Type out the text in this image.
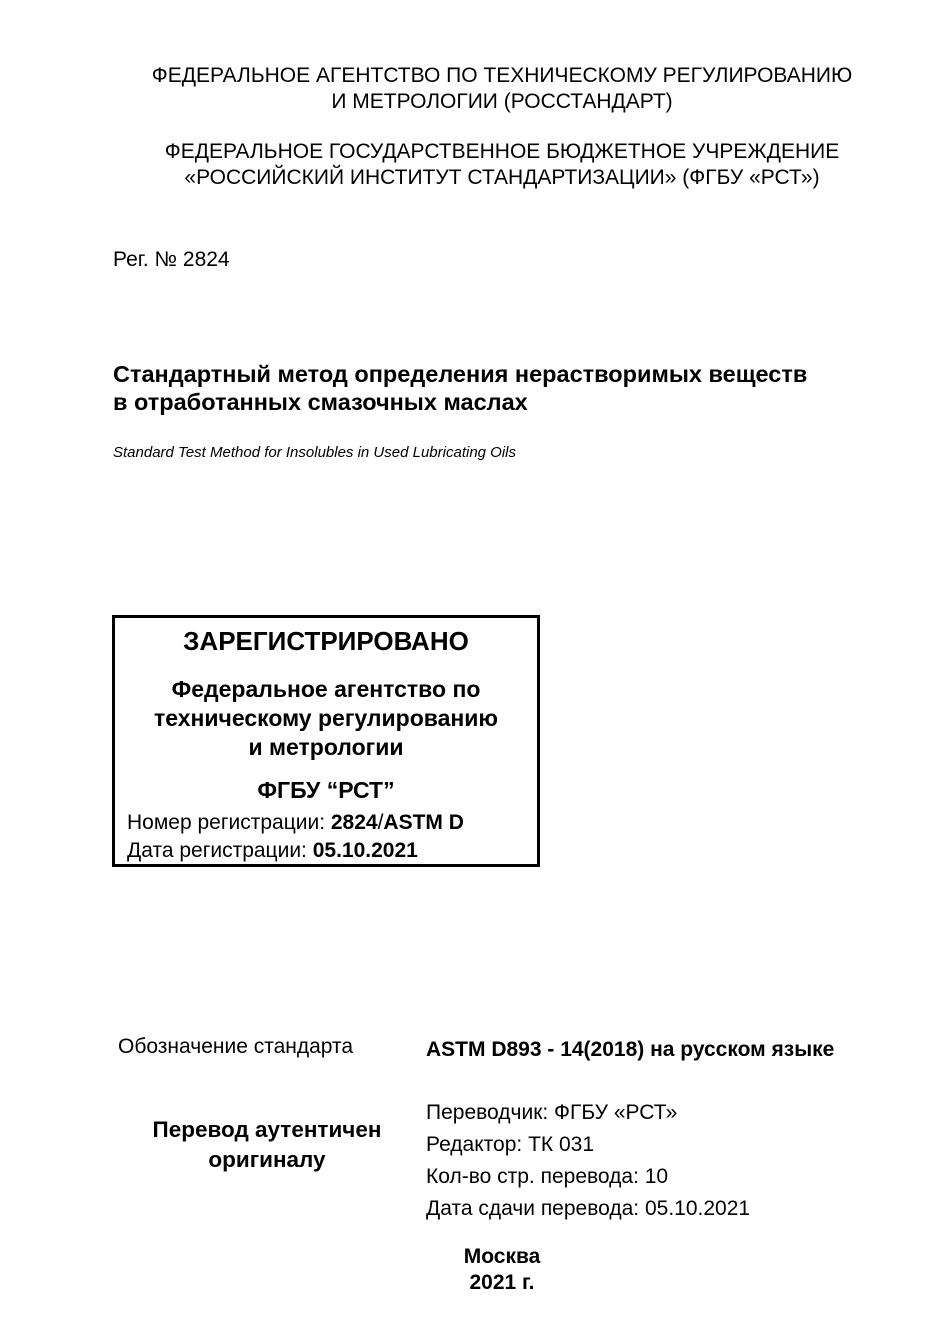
ФЕДЕРАЛЬНОЕ АГЕНТСТВО ПО ТЕХНИЧЕСКОМУ РЕГУЛИРОВАНИЮ
И МЕТРОЛОГИИ (РОССТАНДАРТ)
ФЕДЕРАЛЬНОЕ ГОСУДАРСТВЕННОЕ БЮДЖЕТНОЕ УЧРЕЖДЕНИЕ
«РОССИЙСКИЙ ИНСТИТУТ СТАНДАРТИЗАЦИИ» (ФГБУ «РСТ»)
Рег. № 2824
Стандартный метод определения нерастворимых веществ
в отработанных смазочных маслах
Standard Test Method for Insolubles in Used Lubricating Oils
ЗАРЕГИСТРИРОВАНО
Федеральное агентство по
техническому регулированию
и метрологии
ФГБУ “РСТ”
Номер регистрации: 2824/ASTM D
Дата регистрации: 05.10.2021
Обозначение стандарта	ASTM D893 - 14(2018) на русском языке
Перевод аутентичен
оригиналу
Переводчик: ФГБУ «РСТ»
Редактор: ТК 031
Кол-во стр. перевода: 10
Дата сдачи перевода: 05.10.2021
Москва
2021 г.
